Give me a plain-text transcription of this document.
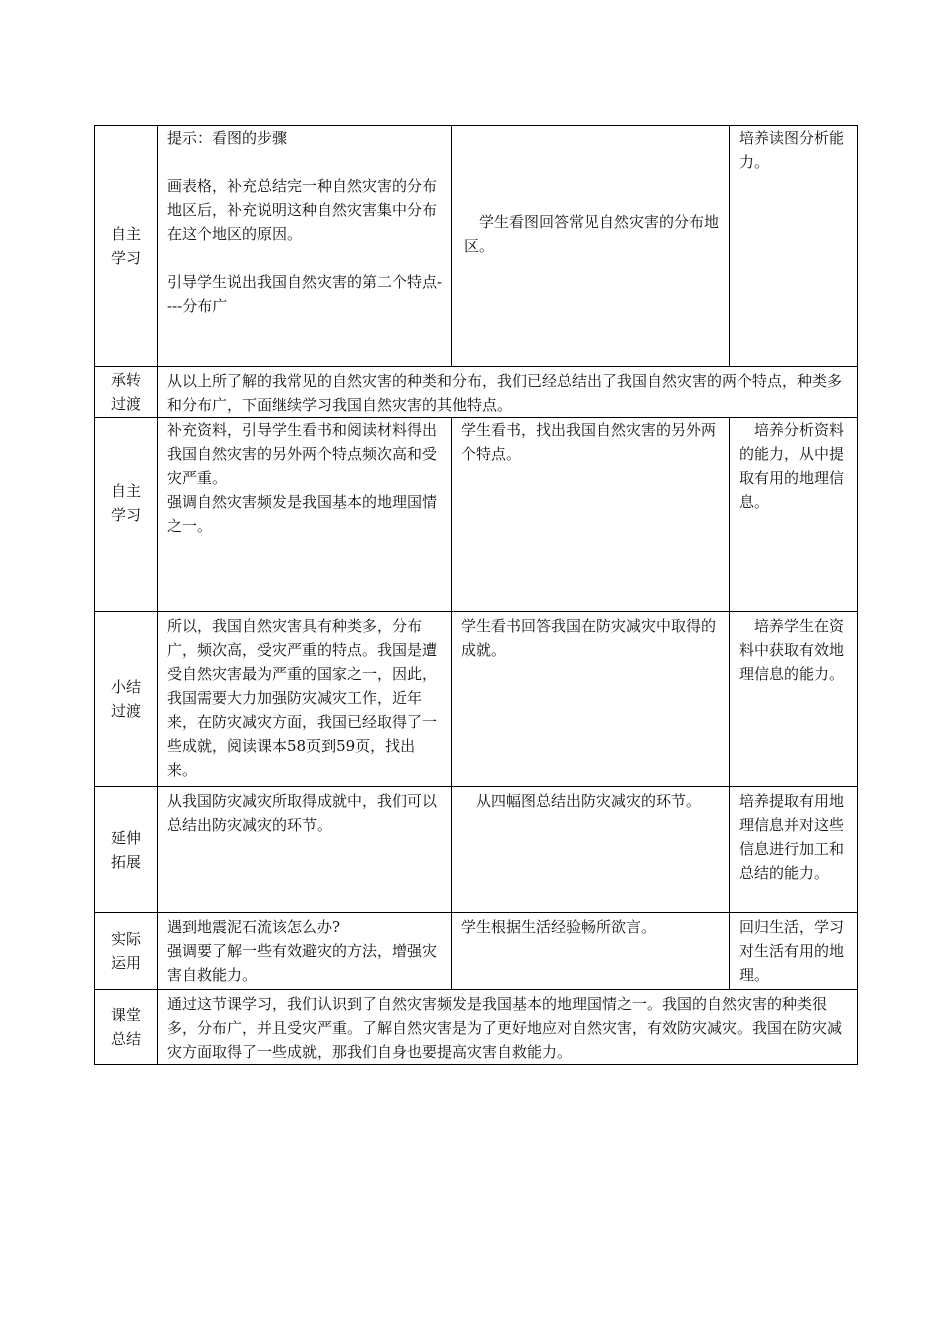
自主学习	提示：看图的步骤
画表格，补充总结完一种自然灾害的分布地区后，补充说明这种自然灾害集中分布在这个地区的原因。
引导学生说出我国自然灾害的第二个特点----分布广	学生看图回答常见自然灾害的分布地区。	培养读图分析能力。

承转过渡	从以上所了解的我常见的自然灾害的种类和分布，我们已经总结出了我国自然灾害的两个特点，种类多和分布广，下面继续学习我国自然灾害的其他特点。		

自主学习	补充资料，引导学生看书和阅读材料得出我国自然灾害的另外两个特点频次高和受灾严重。
强调自然灾害频发是我国基本的地理国情之一。	学生看书，找出我国自然灾害的另外两个特点。	培养分析资料的能力，从中提取有用的地理信息。

小结过渡	所以，我国自然灾害具有种类多，分布广，频次高，受灾严重的特点。我国是遭受自然灾害最为严重的国家之一，因此，我国需要大力加强防灾减灾工作，近年来，在防灾减灾方面，我国已经取得了一些成就，阅读课本58页到59页，找出来。	学生看书回答我国在防灾减灾中取得的成就。	培养学生在资料中获取有效地理信息的能力。

延伸拓展	从我国防灾减灾所取得成就中，我们可以总结出防灾减灾的环节。	从四幅图总结出防灾减灾的环节。	培养提取有用地理信息并对这些信息进行加工和总结的能力。

实际运用	遇到地震泥石流该怎么办?
强调要了解一些有效避灾的方法，增强灾害自救能力。	学生根据生活经验畅所欲言。	回归生活，学习对生活有用的地理。

课堂总结	通过这节课学习，我们认识到了自然灾害频发是我国基本的地理国情之一。我国的自然灾害的种类很多，分布广，并且受灾严重。了解自然灾害是为了更好地应对自然灾害，有效防灾减灾。我国在防灾减灾方面取得了一些成就，那我们自身也要提高灾害自救能力。		
